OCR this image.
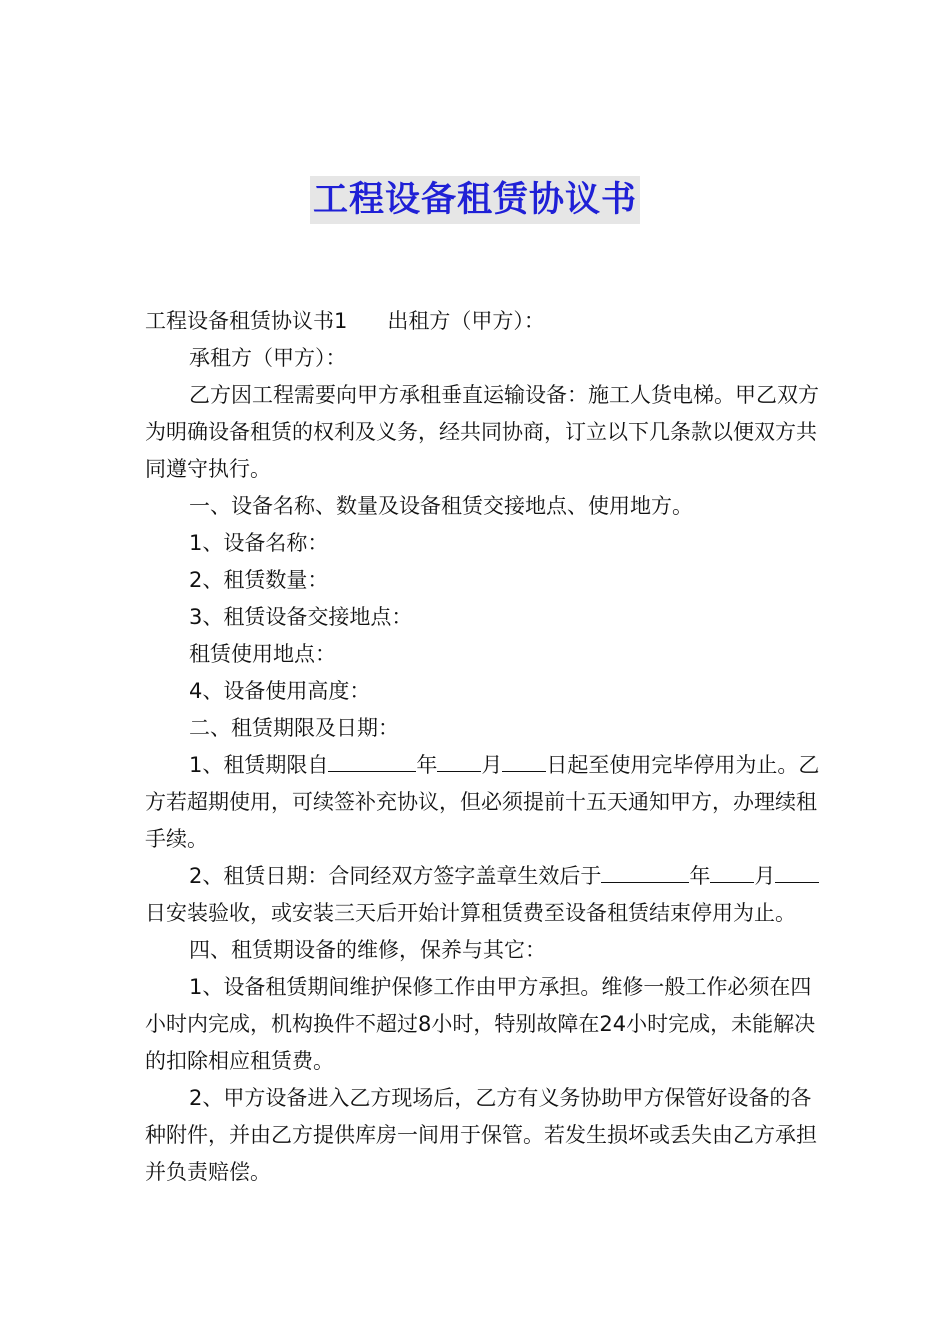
工程设备租赁协议书

工程设备租赁协议书1 出租方（甲方）：

承租方（甲方）：

乙方因工程需要向甲方承租垂直运输设备：施工人货电梯。甲乙双方为明确设备租赁的权利及义务，经共同协商，订立以下几条款以便双方共同遵守执行。

一、设备名称、数量及设备租赁交接地点、使用地方。

1、设备名称：

2、租赁数量：

3、租赁设备交接地点：

租赁使用地点：

4、设备使用高度：

二、租赁期限及日期：

1、租赁期限自	年 月 日起至使用完毕停用为止。乙方若超期使用，可续签补充协议，但必须提前十五天通知甲方，办理续租手续。

2、租赁日期：合同经双方签字盖章生效后于	年 月日安装验收，或安装三天后开始计算租赁费至设备租赁结束停用为止。

四、租赁期设备的维修，保养与其它：

1、设备租赁期间维护保修工作由甲方承担。维修一般工作必须在四小时内完成，机构换件不超过8小时，特别故障在24小时完成，未能解决的扣除相应租赁费。

2、甲方设备进入乙方现场后，乙方有义务协助甲方保管好设备的各种附件，并由乙方提供库房一间用于保管。若发生损坏或丢失由乙方承担并负责赔偿。
